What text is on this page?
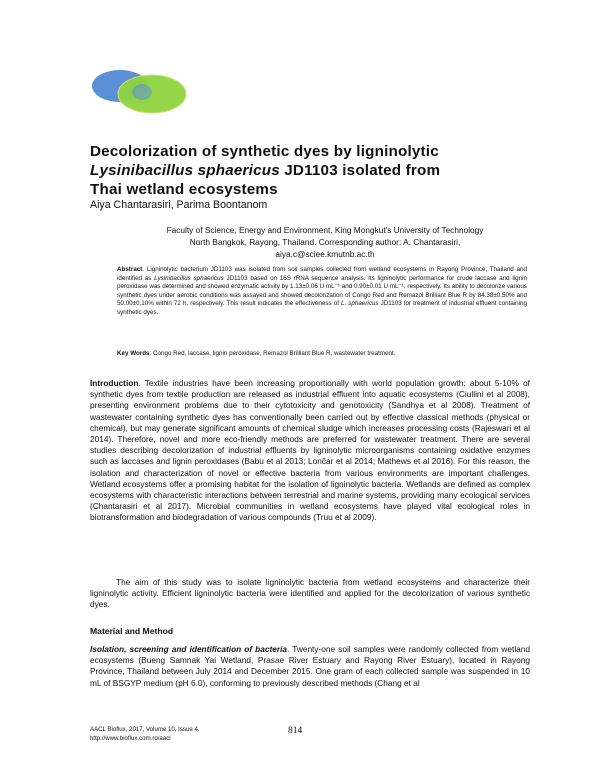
Decolorization of synthetic dyes by ligninolytic
Lysinibacillus sphaericus JD1103 isolated from
Thai wetland ecosystems
Aiya Chantarasiri, Parima Boontanom
Faculty of Science, Energy and Environment, King Mongkut's University of Technology
North Bangkok, Rayong, Thailand. Corresponding author: A. Chantarasiri,
aiya.c@sciee.kmutnb.ac.th
Abstract. Ligninolytic bacterium JD1103 was isolated from soil samples collected from wetland ecosystems in Rayong Province, Thailand and identified as Lysinibacillus sphaericus JD1103 based on 16S rRNA sequence analysis. Its ligninolytic performance for crude laccase and lignin peroxidase was determined and showed enzymatic activity by 1.13±0.06 U mL⁻¹ and 0.90±0.01 U mL⁻¹, respectively. Its ability to decolorize various synthetic dyes under aerobic conditions was assayed and showed decolorization of Congo Red and Remazol Brilliant Blue R by 84.38±0.50% and 50.00±0.10% within 72 h, respectively. This result indicates the effectiveness of L. sphaericus JD1103 for treatment of industrial effluent containing synthetic dyes.
Key Words: Congo Red, laccase, lignin peroxidase, Remazol Brilliant Blue R, wastewater treatment.
Introduction. Textile industries have been increasing proportionally with world population growth; about 5-10% of synthetic dyes from textile production are released as industrial effluent into aquatic ecosystems (Ciullini et al 2008), presenting environment problems due to their cytotoxicity and genotoxicity (Sandhya et al 2008). Treatment of wastewater containing synthetic dyes has conventionally been carried out by effective classical methods (physical or chemical), but may generate significant amounts of chemical sludge which increases processing costs (Rajeswari et al 2014). Therefore, novel and more eco-friendly methods are preferred for wastewater treatment. There are several studies describing decolorization of industrial effluents by ligninolytic microorganisms containing oxidative enzymes such as laccases and lignin peroxidases (Babu et al 2013; Lončar et al 2014; Mathews et al 2016). For this reason, the isolation and characterization of novel or effective bacteria from various environments are important challenges. Wetland ecosystems offer a promising habitat for the isolation of ligninolytic bacteria. Wetlands are defined as complex ecosystems with characteristic interactions between terrestrial and marine systems, providing many ecological services (Chantarasiri et al 2017). Microbial communities in wetland ecosystems have played vital ecological roles in biotransformation and biodegradation of various compounds (Truu et al 2009).
The aim of this study was to isolate ligninolytic bacteria from wetland ecosystems and characterize their ligninolytic activity. Efficient ligninolytic bacteria were identified and applied for the decolorization of various synthetic dyes.
Material and Method
Isolation, screening and identification of bacteria. Twenty-one soil samples were randomly collected from wetland ecosystems (Bueng Samnak Yai Wetland, Prasae River Estuary and Rayong River Estuary), located in Rayong Province, Thailand between July 2014 and December 2015. One gram of each collected sample was suspended in 10 mL of BSGYP medium (pH 6.0), conforming to previously described methods (Chang et al
AACL Bioflux, 2017, Volume 10, Issue 4.
http://www.bioflux.com.ro/aacl
814
